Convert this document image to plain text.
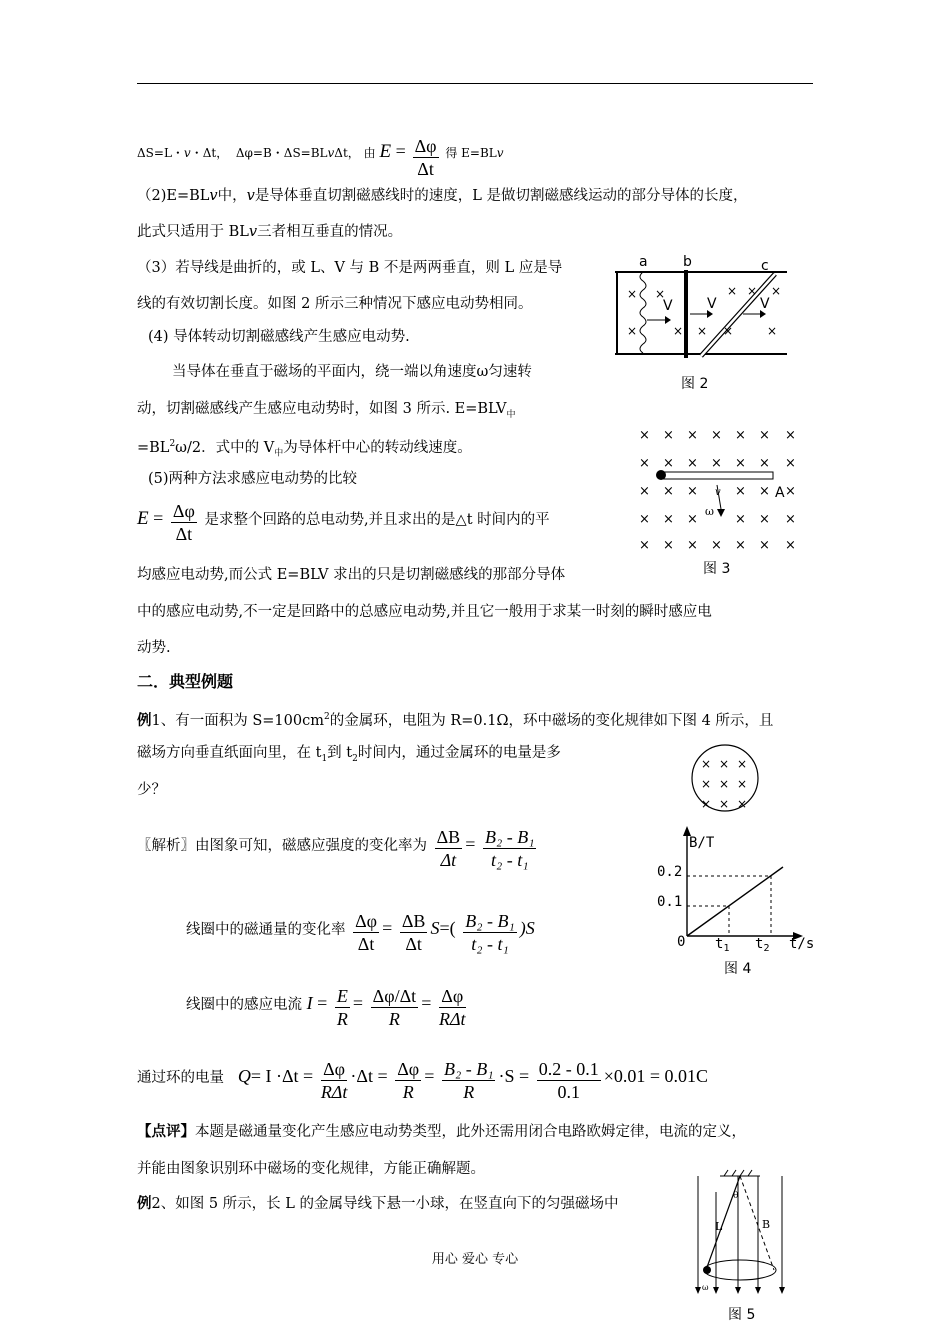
ΔS=L・v・Δt， Δφ=B・ΔS=BLvΔt， 由 $E = \frac{\Delta\varphi}{\Delta t}$ 得 E=BLv
（2)E=BLv中，v是导体垂直切割磁感线时的速度，L 是做切割磁感线运动的部分导体的长度，
此式只适用于 BLv三者相互垂直的情况。
（3）若导线是曲折的，或 L、V 与 B 不是两两垂直，则 L 应是导
线的有效切割长度。如图 2 所示三种情况下感应电动势相同。
(4) 导体转动切割磁感线产生感应电动势.
当导体在垂直于磁场的平面内，绕一端以角速度ω匀速转
动，切割磁感线产生感应电动势时，如图 3 所示. $E=BLV_中$
$=BL^2\omega/2$．式中的 $V_中$为导体杆中心的转动线速度。
(5)两种方法求感应电动势的比较
$E = \frac{\Delta\varphi}{\Delta t}$ 是求整个回路的总电动势,并且求出的是△t 时间内的平
均感应电动势,而公式 E=BLV 求出的只是切割磁感线的那部分导体
中的感应电动势,不一定是回路中的总感应电动势,并且它一般用于求某一时刻的瞬时感应电
动势.
二．典型例题
例1、有一面积为 $S=100cm^2$的金属环，电阻为 R=0.1Ω，环中磁场的变化规律如下图 4 所示，且
磁场方向垂直纸面向里，在 $t_1$到 $t_2$时间内，通过金属环的电量是多
少？
〖解析〗由图象可知，磁感应强度的变化率为 $\frac{\Delta B}{\Delta t} = \frac{\text{B₂ - B₁}}{\text{t₂ - t₁}}$
线圈中的磁通量的变化率 $\frac{\Delta\varphi}{\Delta t} = \frac{\Delta B}{\Delta t} S=( \frac{\text{B₂ - B₁}}{\text{t₂ - t₁}} )S$
线圈中的感应电流 $I = \frac{E}{R} = \frac{\Delta\varphi/\Delta t}{R} = \frac{\Delta\varphi}{\text{RΔt}}$
通过环的电量 $Q= I \cdot\Delta t = \frac{\Delta\varphi}{\text{RΔt}} \cdot\Delta t = \frac{\Delta\varphi}{R} = \frac{\text{B₂ - B₁}}{R} \cdot S = \frac{0.2 - 0.1}{0.1} \times 0.01 = 0.01C$
【点评】本题是磁通量变化产生感应电动势类型，此外还需用闭合电路欧姆定律，电流的定义，
并能由图象识别环中磁场的变化规律，方能正确解题。
例2、如图 5 所示，长 L 的金属导线下悬一小球，在竖直向下的匀强磁场中
a	b	c
×
×
×
×
× × ×
× ×	×
V V	V
图 2
× × × × × × ×
× × × × × × ×
× × ×	× × ×
× × ×	× × ×
× × × × × × ×
A
ω
v
图 3
× × ×
× × ×
× × ×
B/T
t/s
0.2
0.1
0 $t_1$ $t_2$
图 4
L	B
θ
ω
图 5
用心 爱心 专心
